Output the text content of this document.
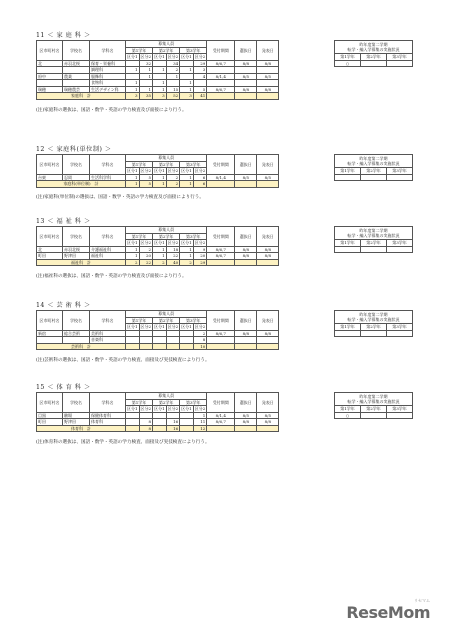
11 ＜ 家 庭 科 ＞
区市町村名	学校名	学科名	募集人員						受付期間	選抜日	発表日
			第1学年		第2学年		第3学年				
			区分1	区分2	区分1	区分2	区分1	区分2			
北	赤羽北桜	保育・栄養科		32		34		29	8/6,7	8/8	8/8
		調理科	1	1	1	2	1	3			
府中	農業	服飾科		1		1		4	8/1,4	8/5	8/5
		食物科	1		1		1				
瑞穂	瑞穂農芸	生活デザイン科	1	1	1	15	1	5	8/6,7	8/8	8/8
家庭科　計			3	35	3	52	3	41			
昨年度第二学期
転学・編入学募集の実施状況		

第1学年	第2学年	第3学年
○		
(注)家庭科の選抜は、国語・数学・英語の学力検査及び面接により行う。
12 ＜ 家庭科(単位制) ＞
区市町村名	学校名	学科名	募集人員						受付期間	選抜日	発表日
			第1学年		第2学年		第3学年				
			区分1	区分2	区分1	区分2	区分1	区分2			
台東	忍岡	生活科学科	1	5	1	2	1	6	8/1,4	8/5	8/5
家庭科(単位制)　計			1	5	1	2	1	6			
昨年度第二学期
転学・編入学募集の実施状況		

第1学年	第2学年	第3学年

(注)家庭科(単位制)の選抜は、国語・数学・英語の学力検査及び面接により行う。
13 ＜ 福 祉 科 ＞
区市町村名	学校名	学科名	募集人員						受付期間	選抜日	発表日
			第1学年		第2学年		第3学年				
			区分1	区分2	区分1	区分2	区分1	区分2			
北	赤羽北桜	介護福祉科	1	2	1	18	1	9	8/6,7	8/8	8/8
町田	野津田	福祉科	1	20	1	22	1	20	8/6,7	8/8	8/8
福祉科　計			2	22	2	40	2	29			
昨年度第二学期
転学・編入学募集の実施状況		

第1学年	第2学年	第3学年

(注)福祉科の選抜は、国語・数学・英語の学力検査及び面接により行う。
14 ＜ 芸 術 科 ＞
区市町村名	学校名	学科名	募集人員						受付期間	選抜日	発表日
			第1学年		第2学年		第3学年				
			区分1	区分2	区分1	区分2	区分1	区分2			
新宿	総合芸術	美術科						2	8/6,7	8/8	8/8
		音楽科						8			
芸術科　計								10			
昨年度第二学期
転学・編入学募集の実施状況		

第1学年	第2学年	第3学年

(注)芸術科の選抜は、国語・数学・英語の学力検査、面接及び実技検査により行う。
15 ＜ 体 育 科 ＞
区市町村名	学校名	学科名	募集人員						受付期間	選抜日	発表日
			第1学年		第2学年		第3学年				
			区分1	区分2	区分1	区分2	区分1	区分2			
目黒	駒場	保健体育科						1	8/1,4	8/5	8/5
町田	野津田	体育科		8		16		11	8/6,7	8/8	8/8
体育科　計				8		16		12			
昨年度第二学期
転学・編入学募集の実施状況		

第1学年	第2学年	第3学年
○		
(注)体育科の選抜は、国語・数学・英語の学力検査、面接及び実技検査により行う。
リセマム
ReseMom
